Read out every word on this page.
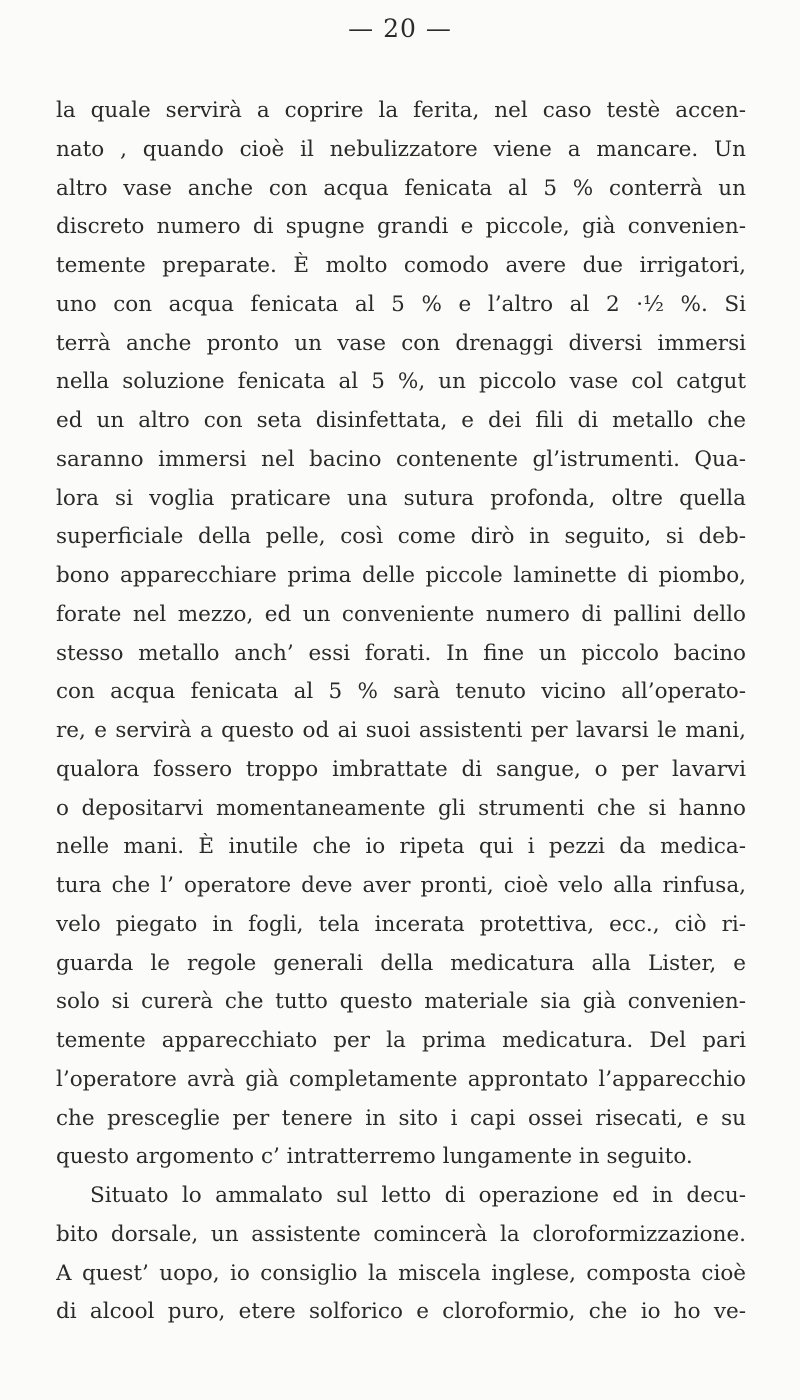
— 20 —
la quale servirà a coprire la ferita, nel caso testè accen-
nato , quando cioè il nebulizzatore viene a mancare. Un
altro vase anche con acqua fenicata al 5 % conterrà un
discreto numero di spugne grandi e piccole, già convenien-
temente preparate. È molto comodo avere due irrigatori,
uno con acqua fenicata al 5 % e l’altro al 2 ·½ %. Si
terrà anche pronto un vase con drenaggi diversi immersi
nella soluzione fenicata al 5 %, un piccolo vase col catgut
ed un altro con seta disinfettata, e dei fili di metallo che
saranno immersi nel bacino contenente gl’istrumenti. Qua-
lora si voglia praticare una sutura profonda, oltre quella
superficiale della pelle, così come dirò in seguito, si deb-
bono apparecchiare prima delle piccole laminette di piombo,
forate nel mezzo, ed un conveniente numero di pallini dello
stesso metallo anch’ essi forati. In fine un piccolo bacino
con acqua fenicata al 5 % sarà tenuto vicino all’operato-
re, e servirà a questo od ai suoi assistenti per lavarsi le mani,
qualora fossero troppo imbrattate di sangue, o per lavarvi
o depositarvi momentaneamente gli strumenti che si hanno
nelle mani. È inutile che io ripeta qui i pezzi da medica-
tura che l’ operatore deve aver pronti, cioè velo alla rinfusa,
velo piegato in fogli, tela incerata protettiva, ecc., ciò ri-
guarda le regole generali della medicatura alla Lister, e
solo si curerà che tutto questo materiale sia già convenien-
temente apparecchiato per la prima medicatura. Del pari
l’operatore avrà già completamente approntato l’apparecchio
che presceglie per tenere in sito i capi ossei risecati, e su
questo argomento c’ intratterremo lungamente in seguito.
Situato lo ammalato sul letto di operazione ed in decu-
bito dorsale, un assistente comincerà la cloroformizzazione.
A quest’ uopo, io consiglio la miscela inglese, composta cioè
di alcool puro, etere solforico e cloroformio, che io ho ve-
